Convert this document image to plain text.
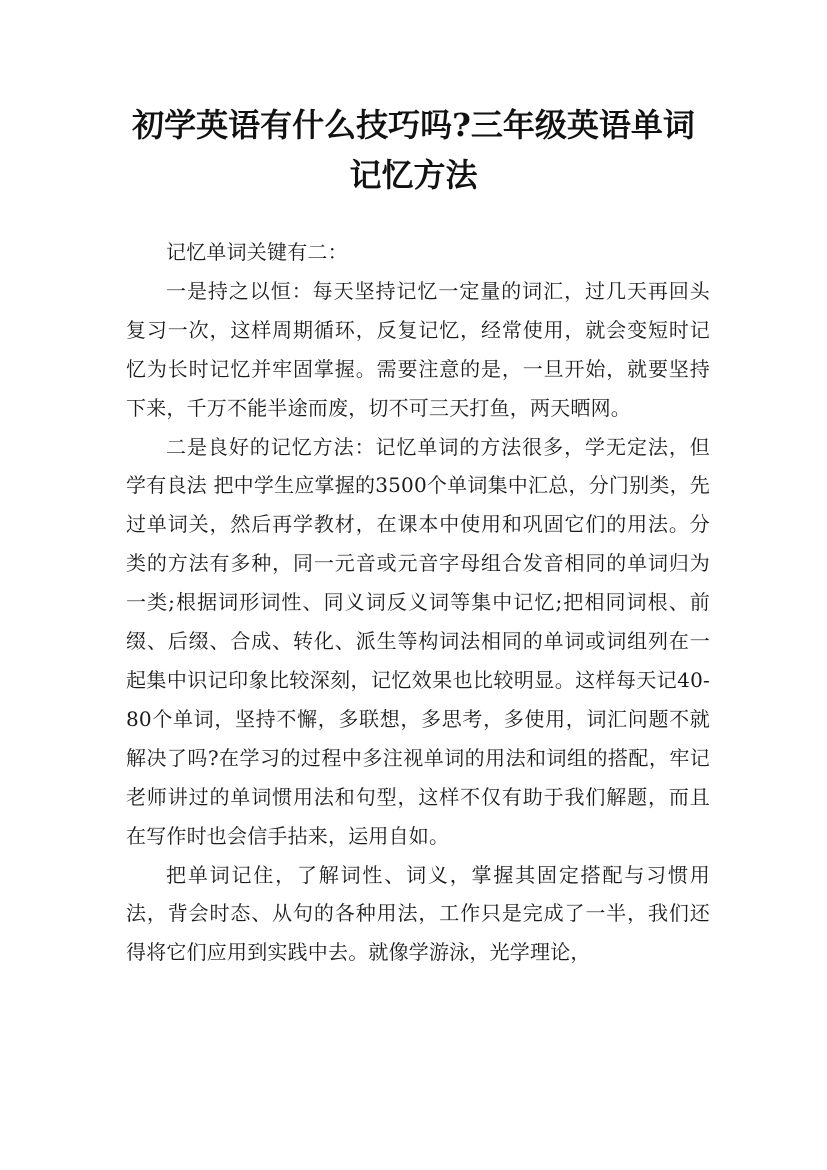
初学英语有什么技巧吗?三年级英语单词记忆方法

记忆单词关键有二：

一是持之以恒：每天坚持记忆一定量的词汇，过几天再回头复习一次，这样周期循环，反复记忆，经常使用，就会变短时记忆为长时记忆并牢固掌握。需要注意的是，一旦开始，就要坚持下来，千万不能半途而废，切不可三天打鱼，两天晒网。

二是良好的记忆方法：记忆单词的方法很多，学无定法，但学有良法 把中学生应掌握的3500个单词集中汇总，分门别类，先过单词关，然后再学教材，在课本中使用和巩固它们的用法。分类的方法有多种，同一元音或元音字母组合发音相同的单词归为一类;根据词形词性、同义词反义词等集中记忆;把相同词根、前缀、后缀、合成、转化、派生等构词法相同的单词或词组列在一起集中识记印象比较深刻，记忆效果也比较明显。这样每天记40-80个单词，坚持不懈，多联想，多思考，多使用，词汇问题不就解决了吗?在学习的过程中多注视单词的用法和词组的搭配，牢记老师讲过的单词惯用法和句型，这样不仅有助于我们解题，而且在写作时也会信手拈来，运用自如。

把单词记住，了解词性、词义，掌握其固定搭配与习惯用法，背会时态、从句的各种用法，工作只是完成了一半，我们还得将它们应用到实践中去。就像学游泳，光学理论，
